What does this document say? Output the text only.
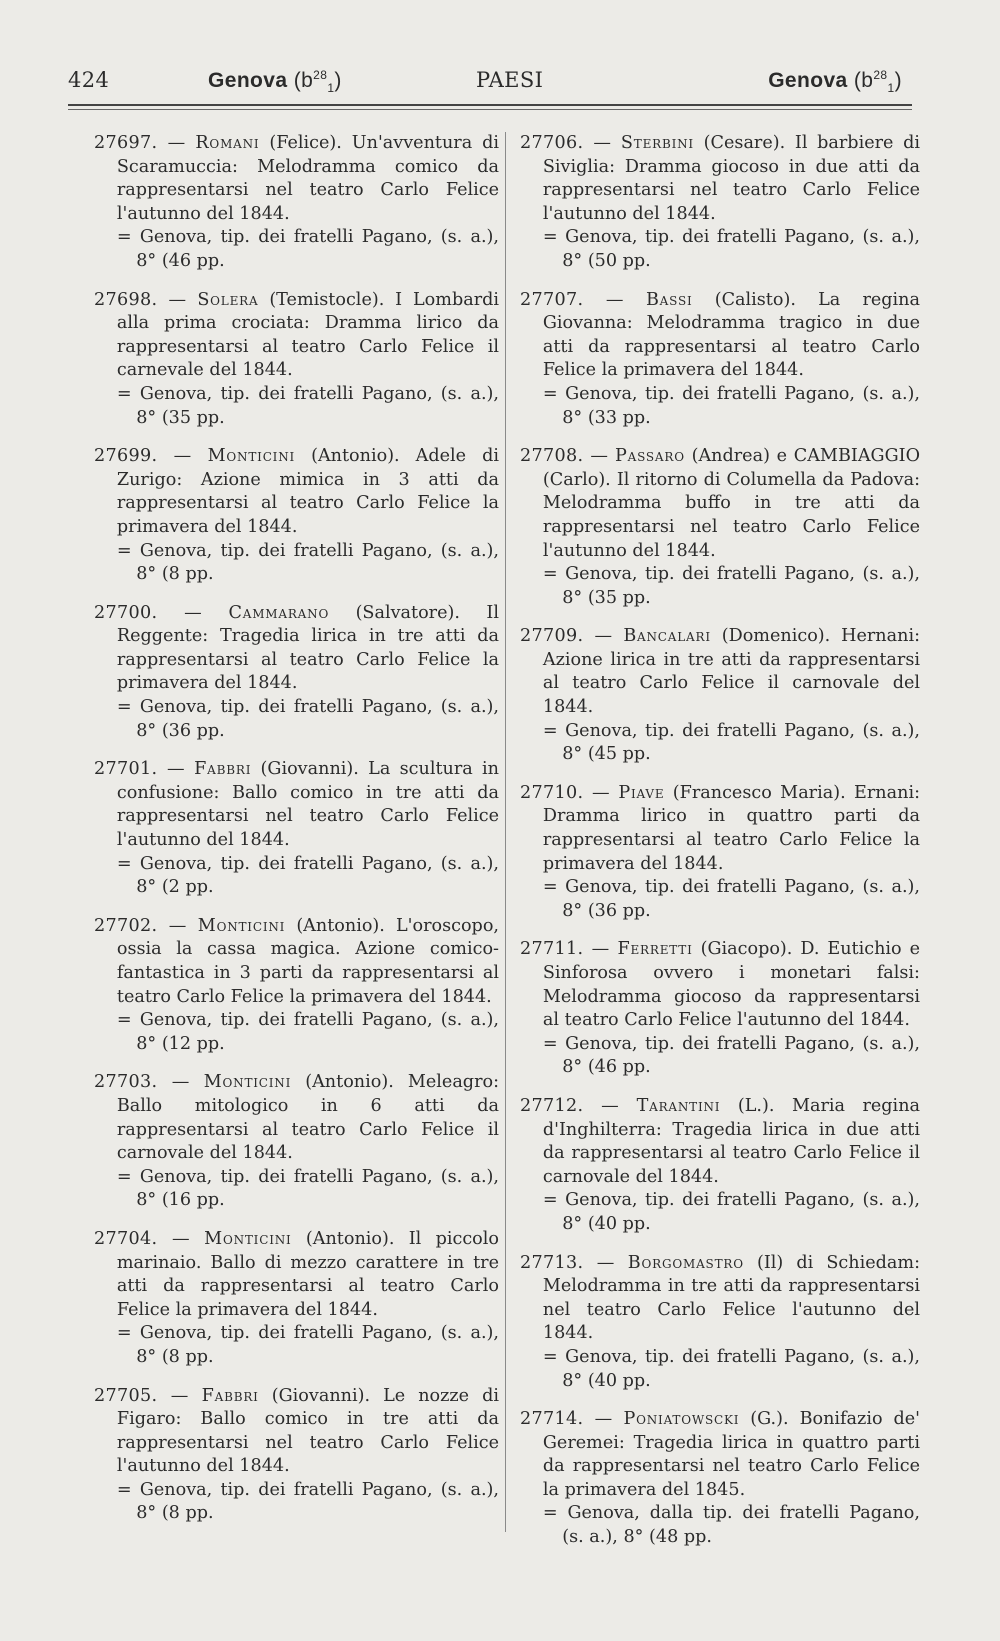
424	Genova $(b^{28}_1)$	PAESI	Genova $(b^{28}_1)$
27697. — Romani (Felice). Un'avventura di Scaramuccia: Melodramma comico da rappresentarsi nel teatro Carlo Felice l'autunno del 1844.
= Genova, tip. dei fratelli Pagano, (s. a.), 8° (46 pp.
27698. — Solera (Temistocle). I Lombardi alla prima crociata: Dramma lirico da rappresentarsi al teatro Carlo Felice il carnevale del 1844.
= Genova, tip. dei fratelli Pagano, (s. a.), 8° (35 pp.
27699. — Monticini (Antonio). Adele di Zurigo: Azione mimica in 3 atti da rappresentarsi al teatro Carlo Felice la primavera del 1844.
= Genova, tip. dei fratelli Pagano, (s. a.), 8° (8 pp.
27700. — Cammarano (Salvatore). Il Reggente: Tragedia lirica in tre atti da rappresentarsi al teatro Carlo Felice la primavera del 1844.
= Genova, tip. dei fratelli Pagano, (s. a.), 8° (36 pp.
27701. — Fabbri (Giovanni). La scultura in confusione: Ballo comico in tre atti da rappresentarsi nel teatro Carlo Felice l'autunno del 1844.
= Genova, tip. dei fratelli Pagano, (s. a.), 8° (2 pp.
27702. — Monticini (Antonio). L'oroscopo, ossia la cassa magica. Azione comico-fantastica in 3 parti da rappresentarsi al teatro Carlo Felice la primavera del 1844.
= Genova, tip. dei fratelli Pagano, (s. a.), 8° (12 pp.
27703. — Monticini (Antonio). Meleagro: Ballo mitologico in 6 atti da rappresentarsi al teatro Carlo Felice il carnovale del 1844.
= Genova, tip. dei fratelli Pagano, (s. a.), 8° (16 pp.
27704. — Monticini (Antonio). Il piccolo marinaio. Ballo di mezzo carattere in tre atti da rappresentarsi al teatro Carlo Felice la primavera del 1844.
= Genova, tip. dei fratelli Pagano, (s. a.), 8° (8 pp.
27705. — Fabbri (Giovanni). Le nozze di Figaro: Ballo comico in tre atti da rappresentarsi nel teatro Carlo Felice l'autunno del 1844.
= Genova, tip. dei fratelli Pagano, (s. a.), 8° (8 pp.
27706. — Sterbini (Cesare). Il barbiere di Siviglia: Dramma giocoso in due atti da rappresentarsi nel teatro Carlo Felice l'autunno del 1844.
= Genova, tip. dei fratelli Pagano, (s. a.), 8° (50 pp.
27707. — Bassi (Calisto). La regina Giovanna: Melodramma tragico in due atti da rappresentarsi al teatro Carlo Felice la primavera del 1844.
= Genova, tip. dei fratelli Pagano, (s. a.), 8° (33 pp.
27708. — Passaro (Andrea) e CAMBIAGGIO (Carlo). Il ritorno di Columella da Padova: Melodramma buffo in tre atti da rappresentarsi nel teatro Carlo Felice l'autunno del 1844.
= Genova, tip. dei fratelli Pagano, (s. a.), 8° (35 pp.
27709. — Bancalari (Domenico). Hernani: Azione lirica in tre atti da rappresentarsi al teatro Carlo Felice il carnovale del 1844.
= Genova, tip. dei fratelli Pagano, (s. a.), 8° (45 pp.
27710. — Piave (Francesco Maria). Ernani: Dramma lirico in quattro parti da rappresentarsi al teatro Carlo Felice la primavera del 1844.
= Genova, tip. dei fratelli Pagano, (s. a.), 8° (36 pp.
27711. — Ferretti (Giacopo). D. Eutichio e Sinforosa ovvero i monetari falsi: Melodramma giocoso da rappresentarsi al teatro Carlo Felice l'autunno del 1844.
= Genova, tip. dei fratelli Pagano, (s. a.), 8° (46 pp.
27712. — Tarantini (L.). Maria regina d'Inghilterra: Tragedia lirica in due atti da rappresentarsi al teatro Carlo Felice il carnovale del 1844.
= Genova, tip. dei fratelli Pagano, (s. a.), 8° (40 pp.
27713. — Borgomastro (Il) di Schiedam: Melodramma in tre atti da rappresentarsi nel teatro Carlo Felice l'autunno del 1844.
= Genova, tip. dei fratelli Pagano, (s. a.), 8° (40 pp.
27714. — Poniatowscki (G.). Bonifazio de' Geremei: Tragedia lirica in quattro parti da rappresentarsi nel teatro Carlo Felice la primavera del 1845.
= Genova, dalla tip. dei fratelli Pagano, (s. a.), 8° (48 pp.
